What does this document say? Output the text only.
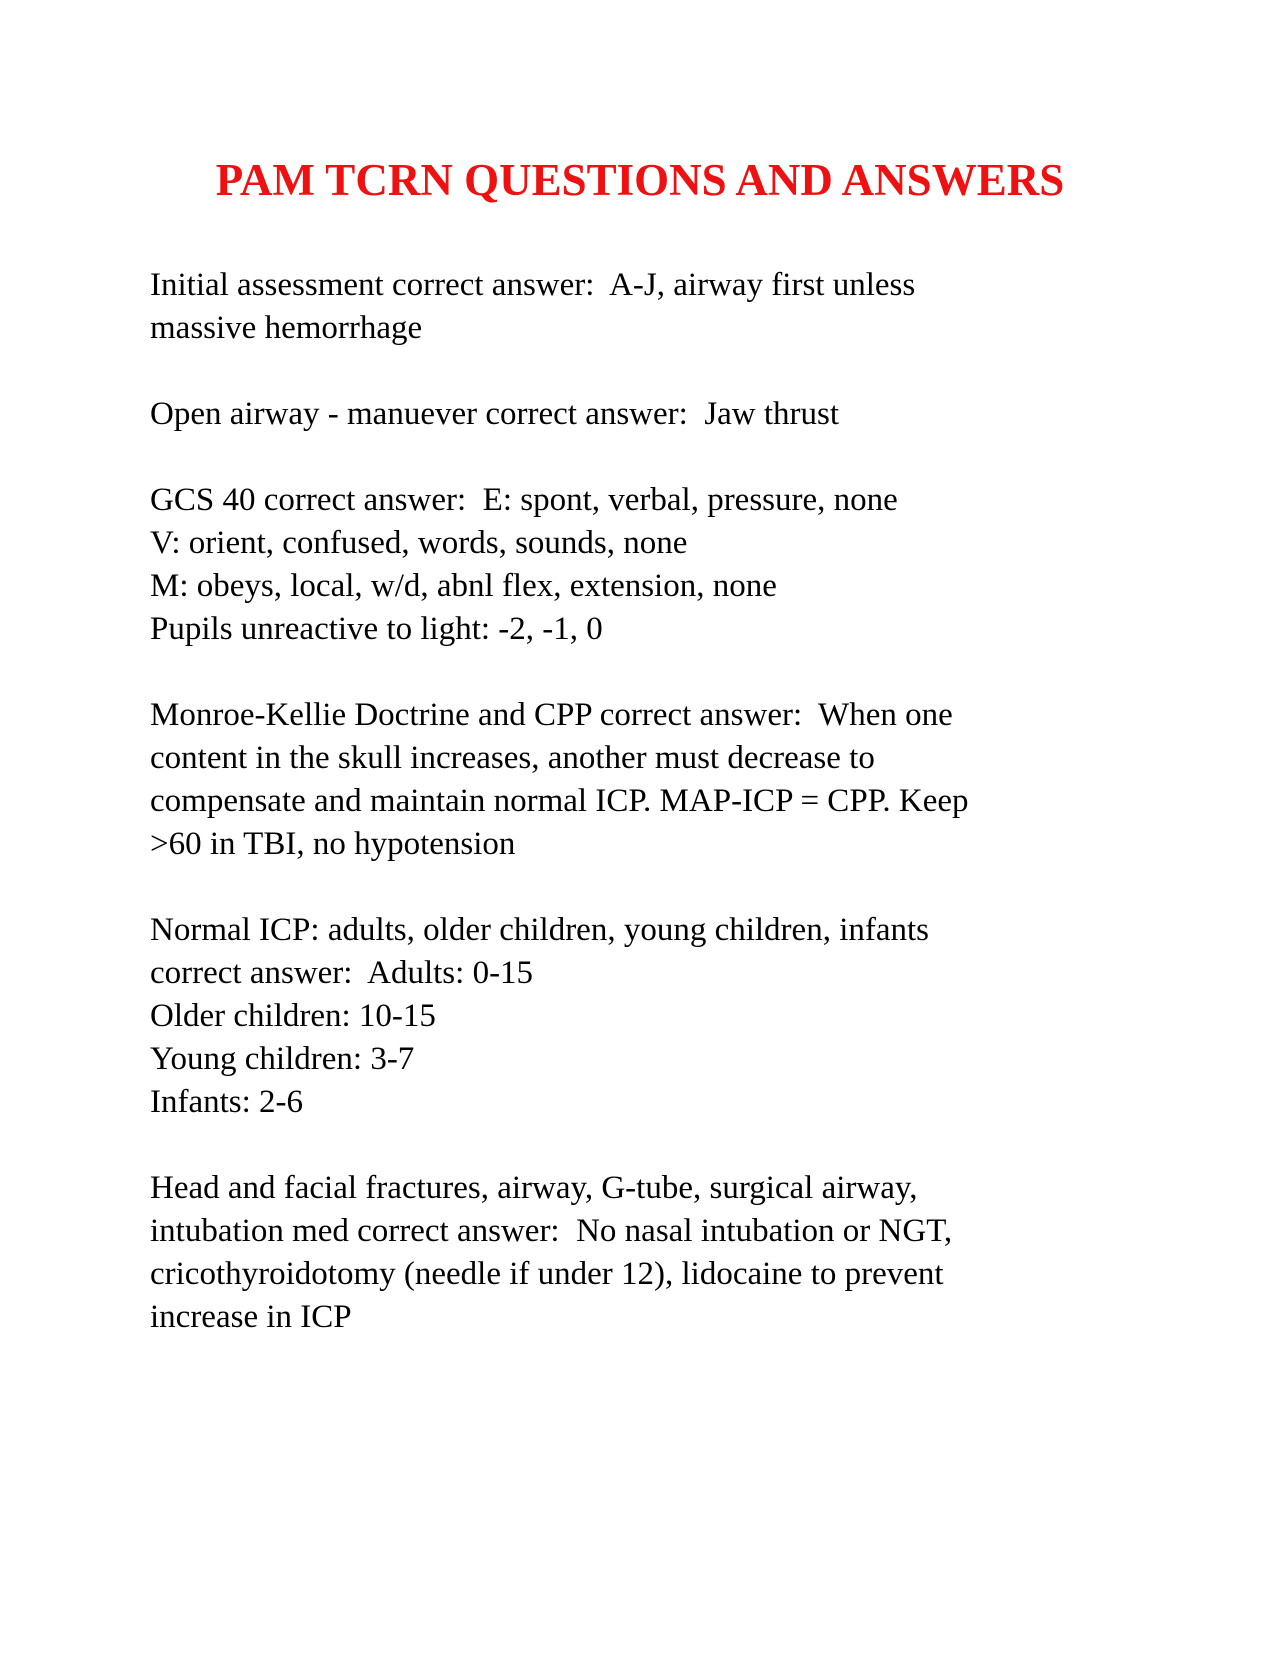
PAM TCRN QUESTIONS AND ANSWERS

Initial assessment correct answer:  A-J, airway first unless
massive hemorrhage

Open airway - manuever correct answer:  Jaw thrust

GCS 40 correct answer:  E: spont, verbal, pressure, none
V: orient, confused, words, sounds, none
M: obeys, local, w/d, abnl flex, extension, none
Pupils unreactive to light: -2, -1, 0

Monroe-Kellie Doctrine and CPP correct answer:  When one
content in the skull increases, another must decrease to
compensate and maintain normal ICP. MAP-ICP = CPP. Keep
>60 in TBI, no hypotension

Normal ICP: adults, older children, young children, infants
correct answer:  Adults: 0-15
Older children: 10-15
Young children: 3-7
Infants: 2-6

Head and facial fractures, airway, G-tube, surgical airway,
intubation med correct answer:  No nasal intubation or NGT,
cricothyroidotomy (needle if under 12), lidocaine to prevent
increase in ICP
